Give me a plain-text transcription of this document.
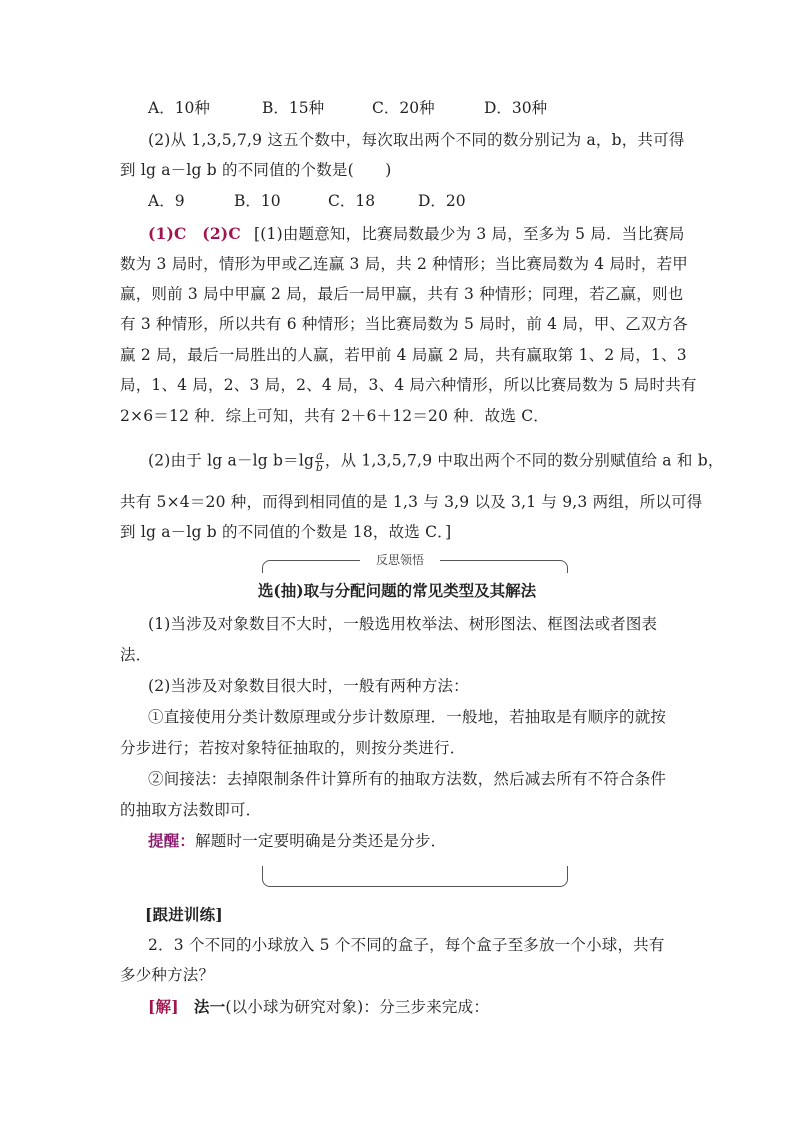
A．10种	B．15种	C．20种	D．30种
(2)从 1,3,5,7,9 这五个数中，每次取出两个不同的数分别记为 a，b，共可得
到 lg a－lg b 的不同值的个数是(　　)
A．9	B．10	C．18	D．20
(1)C　(2)C [(1)由题意知，比赛局数最少为 3 局，至多为 5 局．当比赛局
数为 3 局时，情形为甲或乙连赢 3 局，共 2 种情形；当比赛局数为 4 局时，若甲
赢，则前 3 局中甲赢 2 局，最后一局甲赢，共有 3 种情形；同理，若乙赢，则也
有 3 种情形，所以共有 6 种情形；当比赛局数为 5 局时，前 4 局，甲、乙双方各
赢 2 局，最后一局胜出的人赢，若甲前 4 局赢 2 局，共有赢取第 1、2 局，1、3
局，1、4 局，2、3 局，2、4 局，3、4 局六种情形，所以比赛局数为 5 局时共有
2×6＝12 种．综上可知，共有 2＋6＋12＝20 种．故选 C．
(2)由于 lg a－lg $b=\lg \frac{a}{b}$ ，从 1,3,5,7,9 中取出两个不同的数分别赋值给 a 和 b，
共有 5×4＝20 种，而得到相同值的是 1,3 与 3,9 以及 3,1 与 9,3 两组，所以可得
到 lg a－lg b 的不同值的个数是 18，故选 C．]
反思领悟
选(抽)取与分配问题的常见类型及其解法
(1)当涉及对象数目不大时，一般选用枚举法、树形图法、框图法或者图表
法．
(2)当涉及对象数目很大时，一般有两种方法：
①直接使用分类计数原理或分步计数原理．一般地，若抽取是有顺序的就按
分步进行；若按对象特征抽取的，则按分类进行．
②间接法：去掉限制条件计算所有的抽取方法数，然后减去所有不符合条件
的抽取方法数即可．
提醒：解题时一定要明确是分类还是分步．
[跟进训练]
2．3 个不同的小球放入 5 个不同的盒子，每个盒子至多放一个小球，共有
多少种方法？
[解] 法一(以小球为研究对象)：分三步来完成：
